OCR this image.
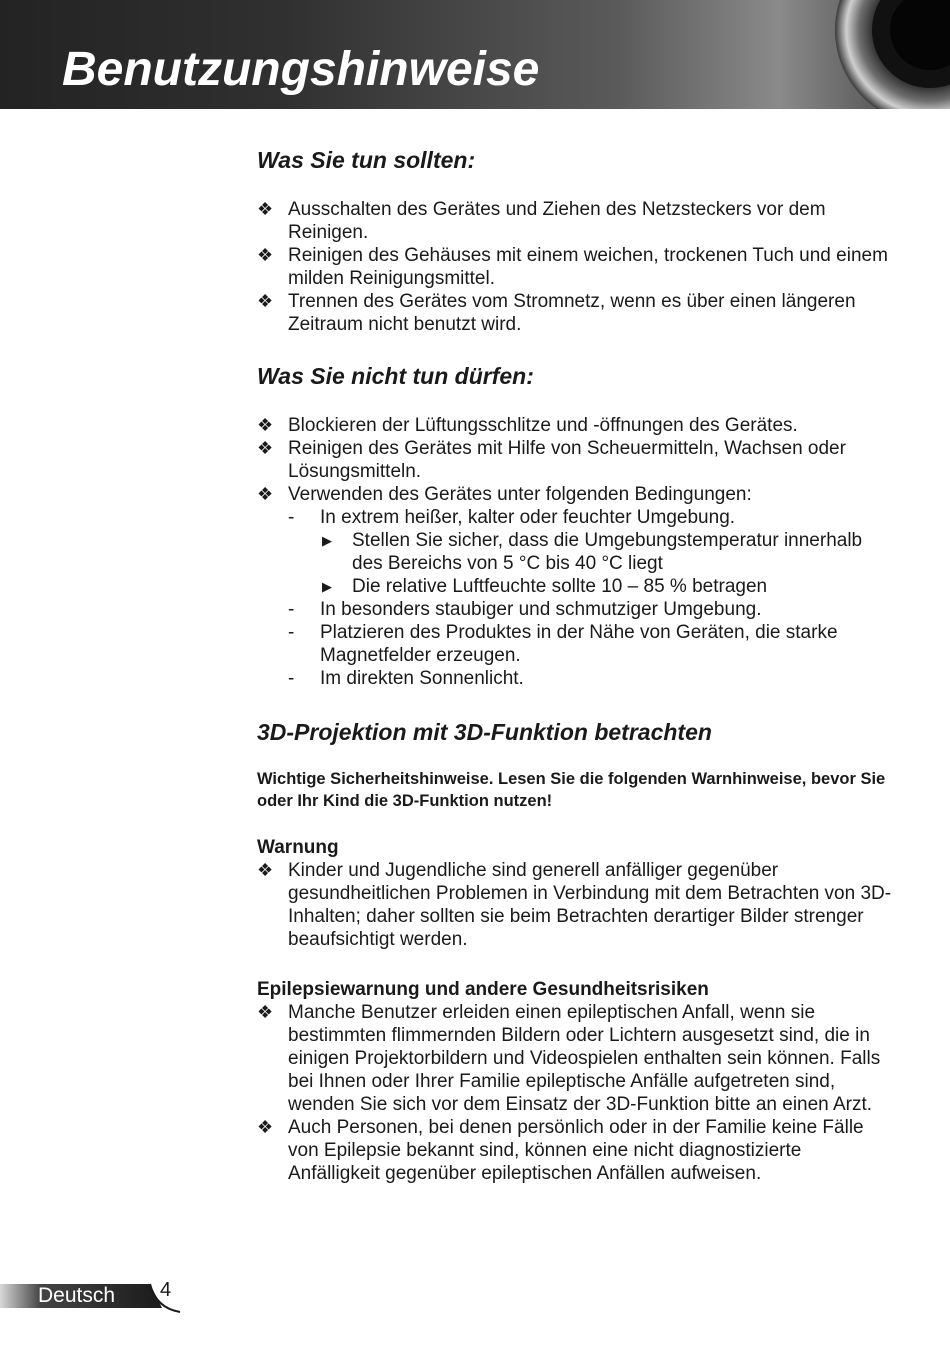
Benutzungshinweise
Was Sie tun sollten:
❖ Ausschalten des Gerätes und Ziehen des Netzsteckers vor dem Reinigen.
❖ Reinigen des Gehäuses mit einem weichen, trockenen Tuch und einem milden Reinigungsmittel.
❖ Trennen des Gerätes vom Stromnetz, wenn es über einen längeren Zeitraum nicht benutzt wird.
Was Sie nicht tun dürfen:
❖ Blockieren der Lüftungsschlitze und -öffnungen des Gerätes.
❖ Reinigen des Gerätes mit Hilfe von Scheuermitteln, Wachsen oder Lösungsmitteln.
❖ Verwenden des Gerätes unter folgenden Bedingungen:
- In extrem heißer, kalter oder feuchter Umgebung.
▶ Stellen Sie sicher, dass die Umgebungstemperatur innerhalb des Bereichs von 5 °C bis 40 °C liegt
▶ Die relative Luftfeuchte sollte 10 – 85 % betragen
- In besonders staubiger und schmutziger Umgebung.
- Platzieren des Produktes in der Nähe von Geräten, die starke Magnetfelder erzeugen.
- Im direkten Sonnenlicht.
3D-Projektion mit 3D-Funktion betrachten

Wichtige Sicherheitshinweise. Lesen Sie die folgenden Warnhinweise, bevor Sie oder Ihr Kind die 3D-Funktion nutzen!

Warnung

❖ Kinder und Jugendliche sind generell anfälliger gegenüber gesundheitlichen Problemen in Verbindung mit dem Betrachten von 3D-Inhalten; daher sollten sie beim Betrachten derartiger Bilder strenger beaufsichtigt werden.

Epilepsiewarnung und andere Gesundheitsrisiken

❖ Manche Benutzer erleiden einen epileptischen Anfall, wenn sie bestimmten flimmernden Bildern oder Lichtern ausgesetzt sind, die in einigen Projektorbildern und Videospielen enthalten sein können. Falls bei Ihnen oder Ihrer Familie epileptische Anfälle aufgetreten sind, wenden Sie sich vor dem Einsatz der 3D-Funktion bitte an einen Arzt.
❖ Auch Personen, bei denen persönlich oder in der Familie keine Fälle von Epilepsie bekannt sind, können eine nicht diagnostizierte Anfälligkeit gegenüber epileptischen Anfällen aufweisen.
Deutsch 4
